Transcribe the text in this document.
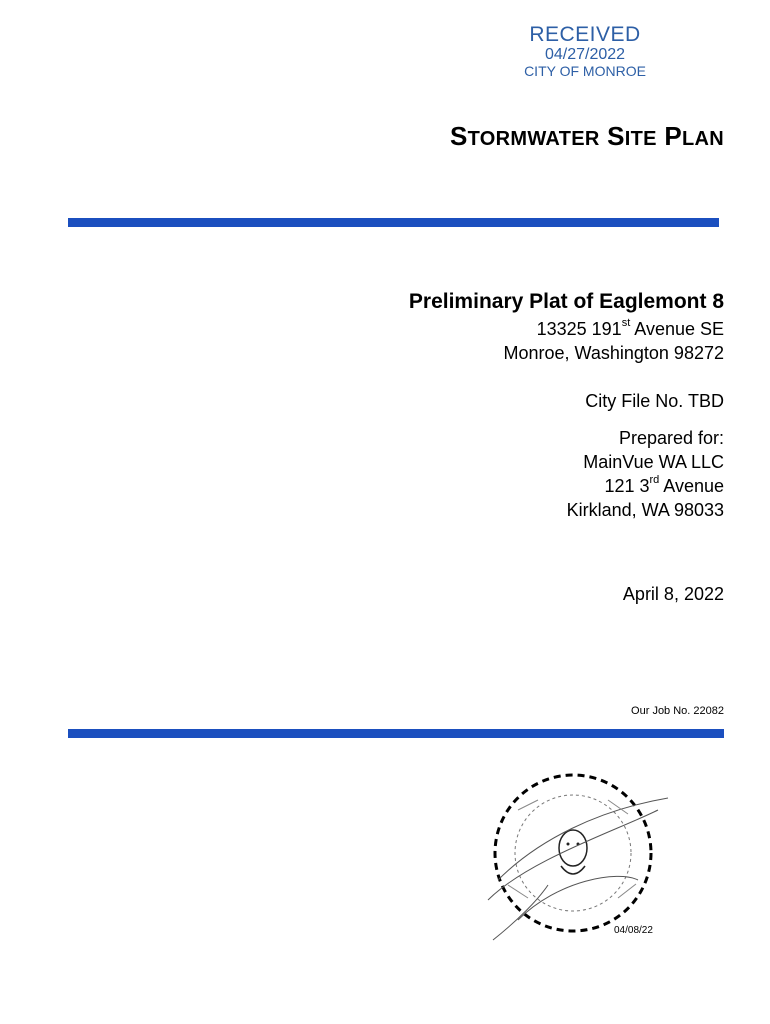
RECEIVED
04/27/2022
CITY OF MONROE
STORMWATER SITE PLAN
Preliminary Plat of Eaglemont 8
13325 191st Avenue SE
Monroe, Washington 98272
City File No. TBD
Prepared for:
MainVue WA LLC
121 3rd Avenue
Kirkland, WA 98033
April 8, 2022
Our Job No. 22082
04/08/22
